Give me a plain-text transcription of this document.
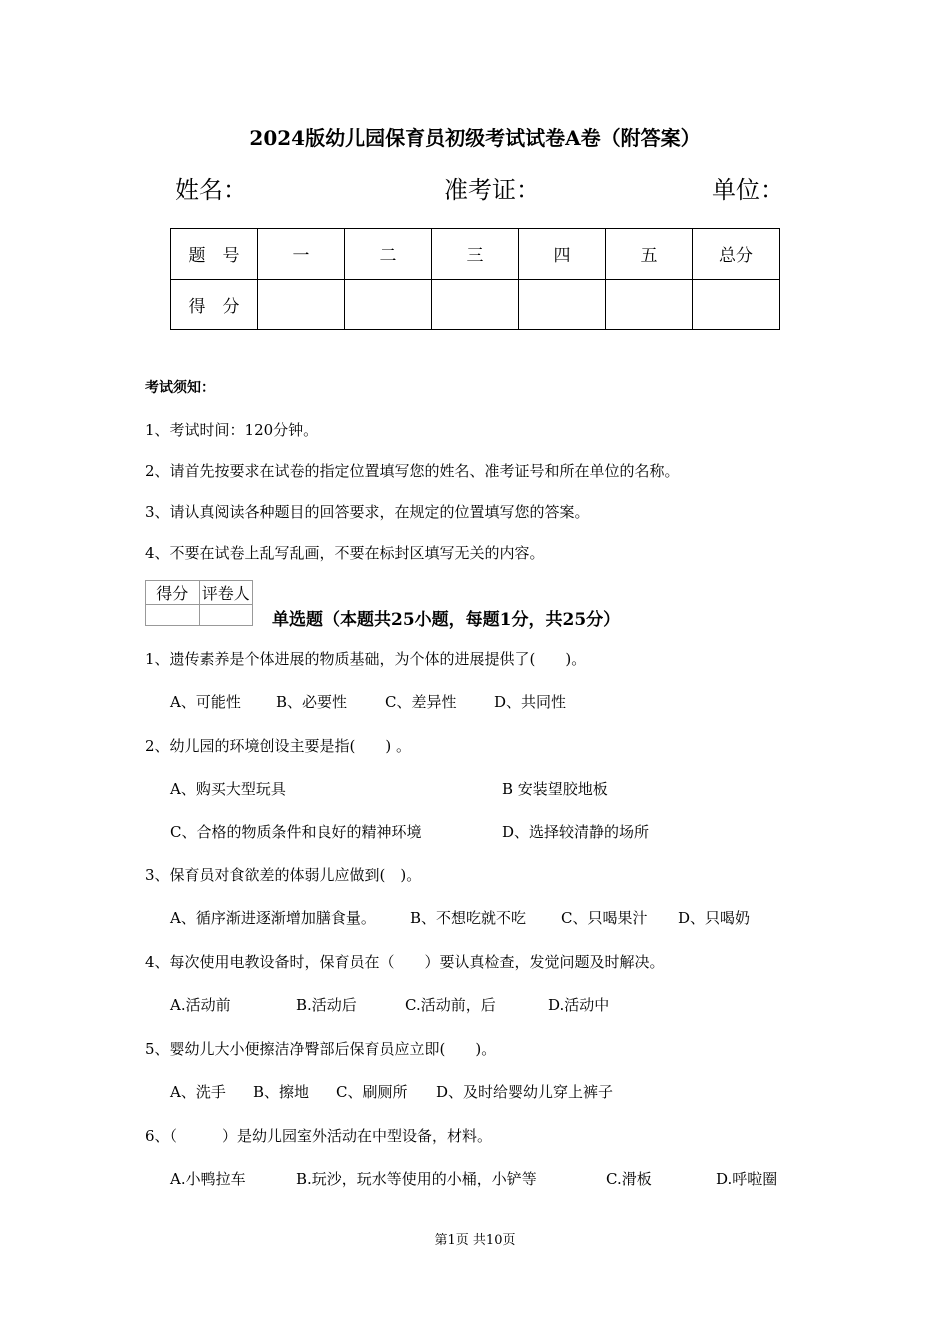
2024版幼儿园保育员初级考试试卷A卷（附答案）
姓名：	准考证：	单位：
题　号	一	二	三	四	五	总分
得　分						
考试须知：
1、考试时间：120分钟。
2、请首先按要求在试卷的指定位置填写您的姓名、准考证号和所在单位的名称。
3、请认真阅读各种题目的回答要求，在规定的位置填写您的答案。
4、不要在试卷上乱写乱画，不要在标封区填写无关的内容。
得分	评卷人

单选题（本题共25小题，每题1分，共25分）
1、遗传素养是个体进展的物质基础，为个体的进展提供了(　　)。
A、可能性 B、必要性	C、差异性	D、共同性
2、幼儿园的环境创设主要是指(　　) 。
A、购买大型玩具	B 安装望胶地板
C、合格的物质条件和良好的精神环境	D、选择较清静的场所
3、保育员对食欲差的体弱儿应做到(　)。
A、循序渐进逐渐增加膳食量。 B、不想吃就不吃 C、只喝果汁 D、只喝奶
4、每次使用电教设备时，保育员在（　　）要认真检查，发觉问题及时解决。
A.活动前	B.活动后	C.活动前，后	D.活动中
5、婴幼儿大小便擦洁净臀部后保育员应立即(　　)。
A、洗手 B、擦地 C、刷厕所 D、及时给婴幼儿穿上裤子
6、（　　　）是幼儿园室外活动在中型设备，材料。
A.小鸭拉车	B.玩沙，玩水等使用的小桶，小铲等	C.滑板	D.呼啦圈
第1页 共10页
